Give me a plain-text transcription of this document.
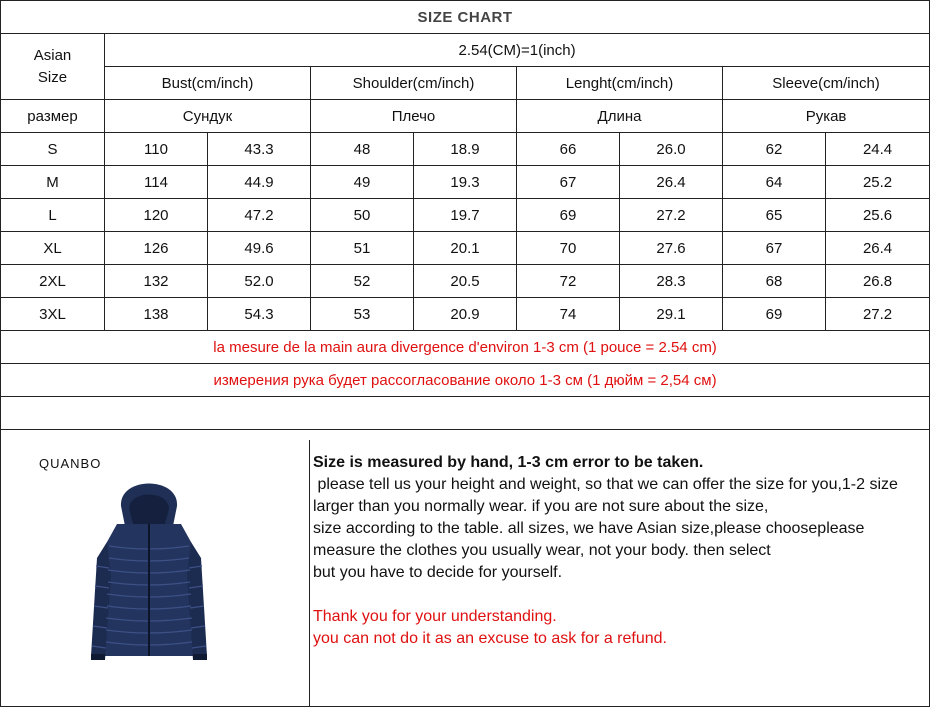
SIZE CHART								
Asian
Size	2.54(CM)=1(inch)							
	Bust(cm/inch)		Shoulder(cm/inch)		Lenght(cm/inch)		Sleeve(cm/inch)	
размер	Сундук		Плечо		Длина		Рукав	
S	110	43.3	48	18.9	66	26.0	62	24.4
M	114	44.9	49	19.3	67	26.4	64	25.2
L	120	47.2	50	19.7	69	27.2	65	25.6
XL	126	49.6	51	20.1	70	27.6	67	26.4
2XL	132	52.0	52	20.5	72	28.3	68	26.8
3XL	138	54.3	53	20.9	74	29.1	69	27.2
la mesure de la main aura divergence d'environ 1-3 cm (1 pouce = 2.54 cm)								
измерения рука будет рассогласование около 1-3 см (1 дюйм = 2,54 см)								

QUANBO	Size is measured by hand, 1-3 cm error to be taken.
please tell us your height and weight, so that we can offer the size for you,1-2 size
larger than you normally wear. if you are not sure about the size,
size according to the table. all sizes, we have Asian size,please chooseplease
measure the clothes you usually wear, not your body. then select
but you have to decide for yourself.
Thank you for your understanding.
you can not do it as an excuse to ask for a refund.
